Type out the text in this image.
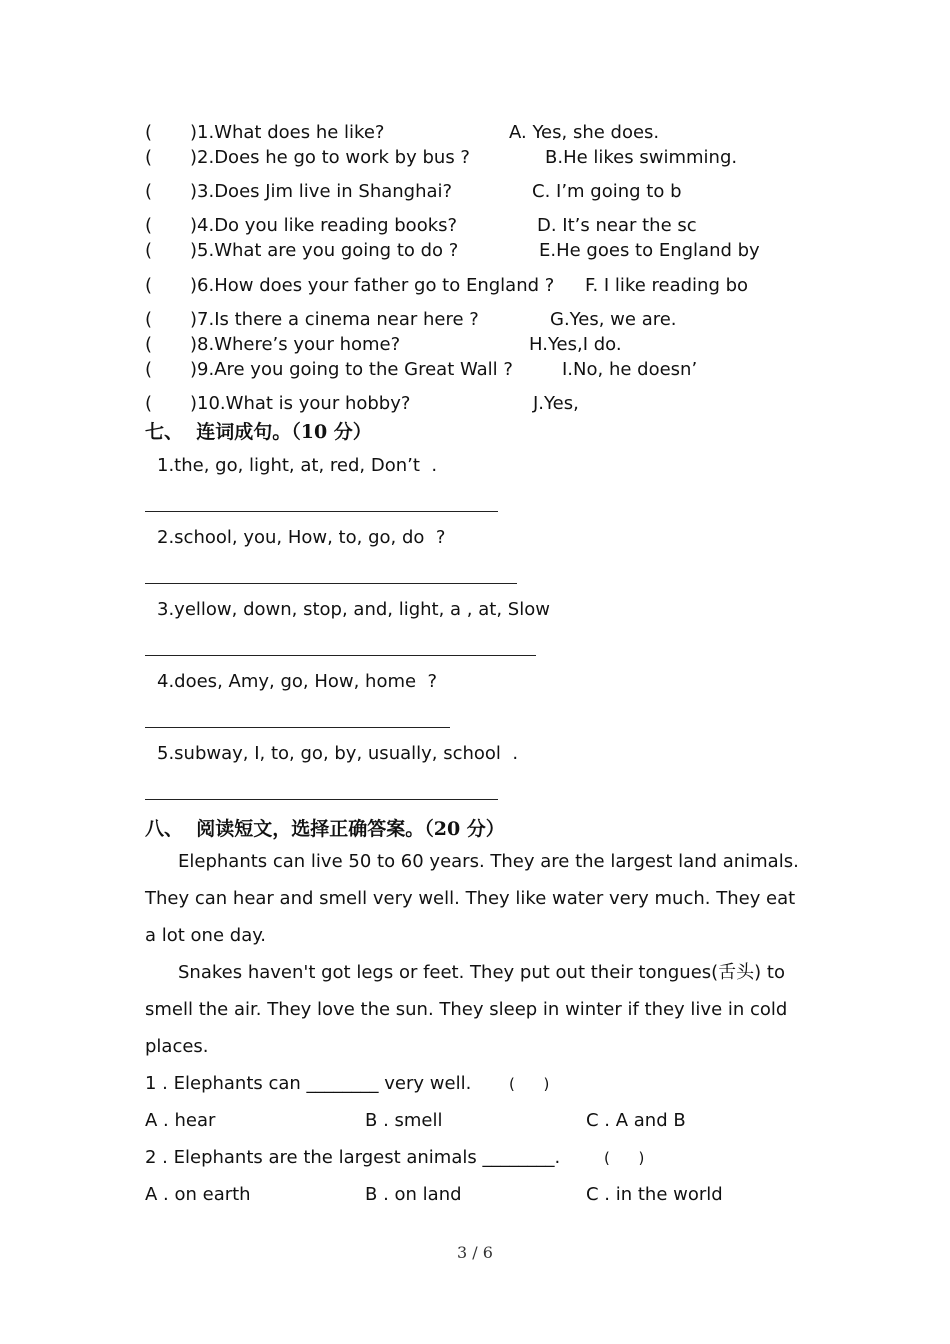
( )1.What does he like?	A. Yes, she does.
( )2.Does he go to work by bus ?	B.He likes swimming.
( )3.Does Jim live in Shanghai?	C. I’m going to b
( )4.Do you like reading books?	D. It’s near the sc
( )5.What are you going to do ?	E.He goes to England by
( )6.How does your father go to England ? F. I like reading bo
( )7.Is there a cinema near here ?	G.Yes, we are.
( )8.Where’s your home?	H.Yes,I do.
( )9.Are you going to the Great Wall ?	I.No, he doesn’
( )10.What is your hobby?	J.Yes,
七、  连词成句。（10 分）
1.the, go, light, at, red, Don’t  .
2.school, you, How, to, go, do  ?
3.yellow, down, stop, and, light, a , at, Slow
4.does, Amy, go, How, home  ?
5.subway, I, to, go, by, usually, school  .
八、  阅读短文，选择正确答案。（20 分）
Elephants can live 50 to 60 years. They are the largest land animals. They can hear and smell very well. They like water very much. They eat a lot one day.
Snakes haven't got legs or feet. They put out their tongues(舌头) to smell the air. They love the sun. They sleep in winter if they live in cold places.
1 . Elephants can ________ very well.	(      )
A . hear	B . smell	C . A and B
2 . Elephants are the largest animals ________.	(      )
A . on earth	B . on land	C . in the world
3 / 6
